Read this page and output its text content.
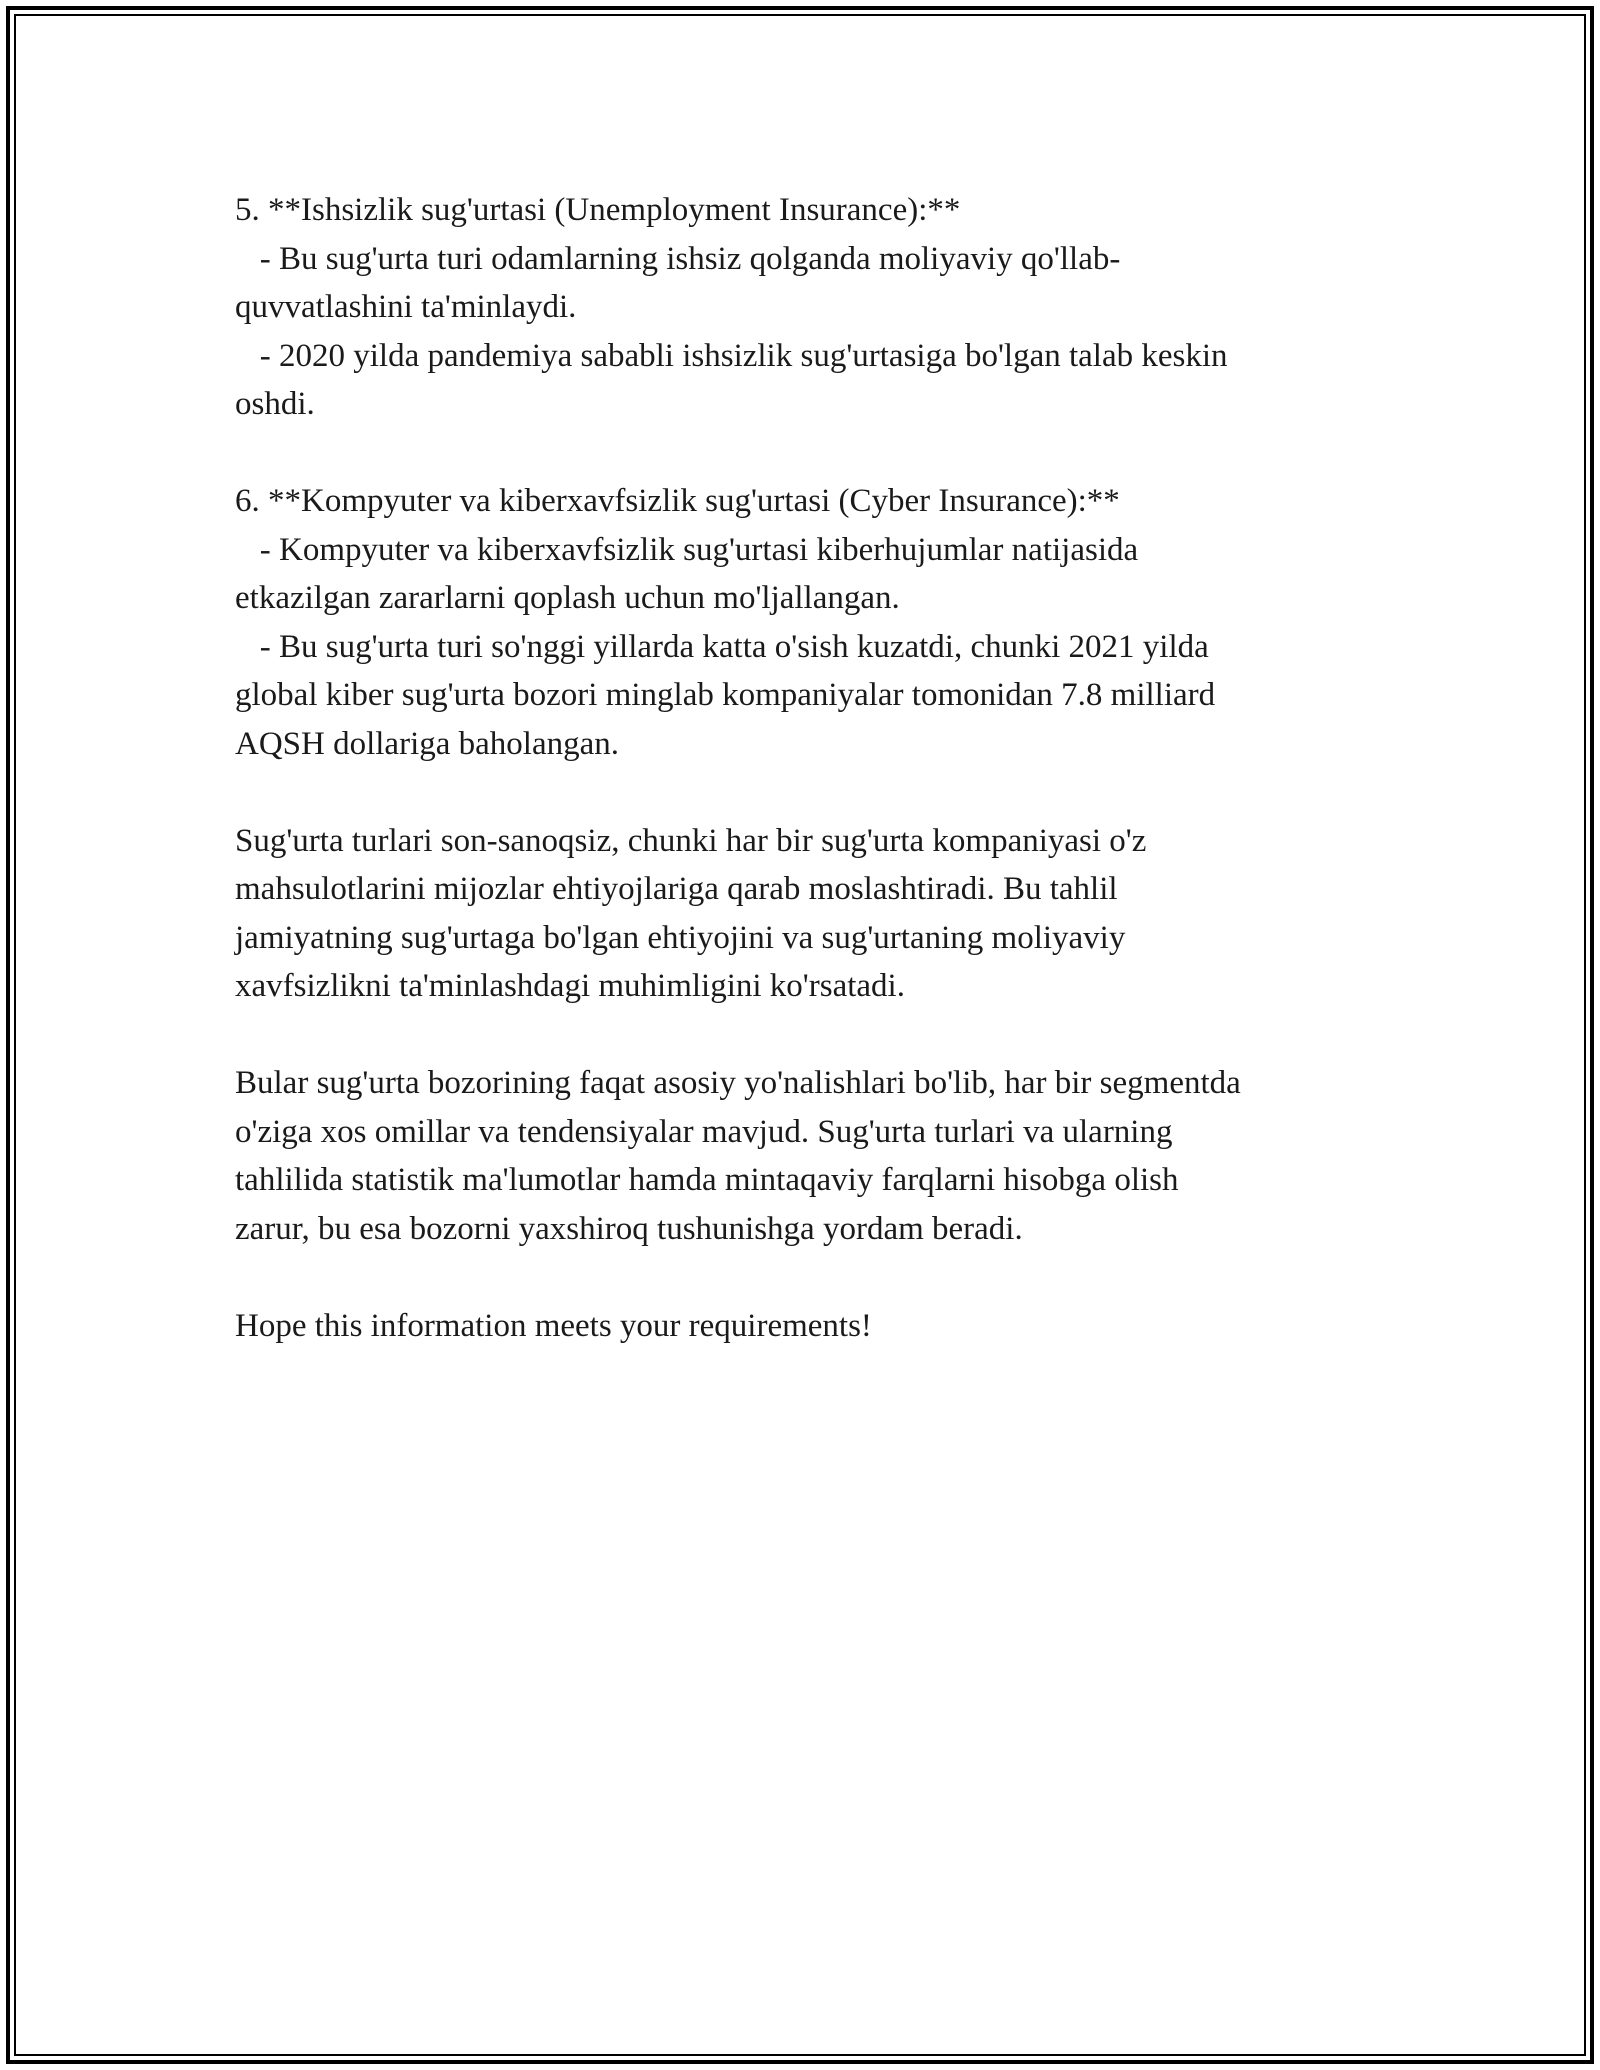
5. **Ishsizlik sug'urtasi (Unemployment Insurance):**
- Bu sug'urta turi odamlarning ishsiz qolganda moliyaviy qo'llab-
quvvatlashini ta'minlaydi.
- 2020 yilda pandemiya sababli ishsizlik sug'urtasiga bo'lgan talab keskin
oshdi.
6. **Kompyuter va kiberxavfsizlik sug'urtasi (Cyber Insurance):**
- Kompyuter va kiberxavfsizlik sug'urtasi kiberhujumlar natijasida
etkazilgan zararlarni qoplash uchun mo'ljallangan.
- Bu sug'urta turi so'nggi yillarda katta o'sish kuzatdi, chunki 2021 yilda
global kiber sug'urta bozori minglab kompaniyalar tomonidan 7.8 milliard
AQSH dollariga baholangan.
Sug'urta turlari son-sanoqsiz, chunki har bir sug'urta kompaniyasi o'z
mahsulotlarini mijozlar ehtiyojlariga qarab moslashtiradi. Bu tahlil
jamiyatning sug'urtaga bo'lgan ehtiyojini va sug'urtaning moliyaviy
xavfsizlikni ta'minlashdagi muhimligini ko'rsatadi.
Bular sug'urta bozorining faqat asosiy yo'nalishlari bo'lib, har bir segmentda
o'ziga xos omillar va tendensiyalar mavjud. Sug'urta turlari va ularning
tahlilida statistik ma'lumotlar hamda mintaqaviy farqlarni hisobga olish
zarur, bu esa bozorni yaxshiroq tushunishga yordam beradi.
Hope this information meets your requirements!
